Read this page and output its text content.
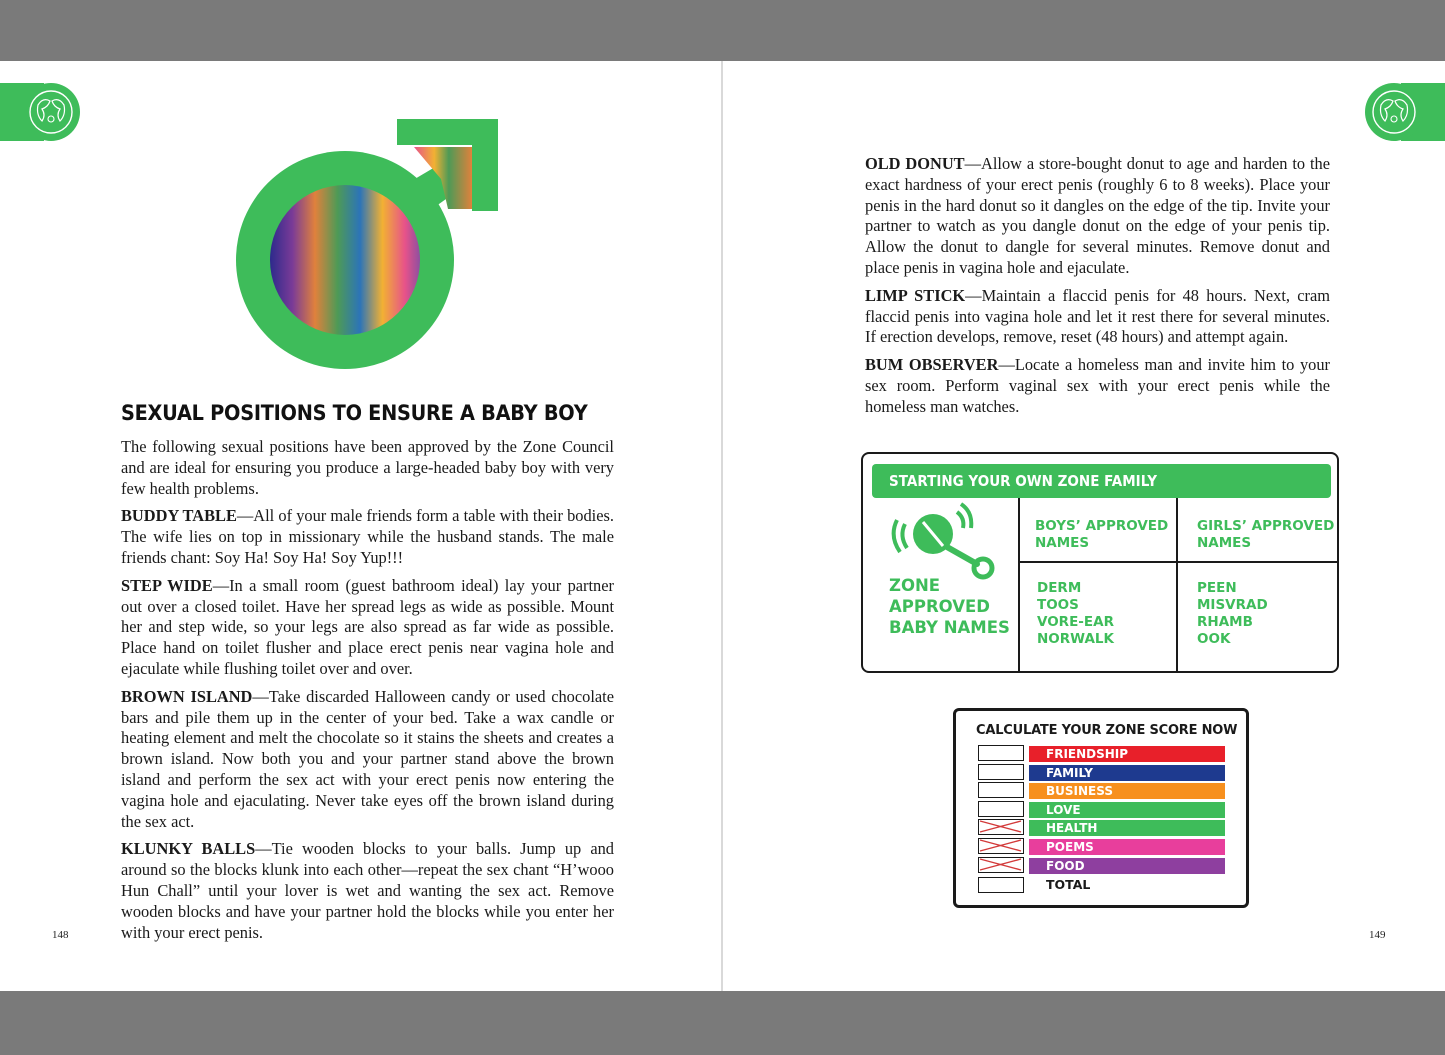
SEXUAL POSITIONS TO ENSURE A BABY BOY

The following sexual positions have been approved by the Zone Council and are ideal for ensuring you produce a large-headed baby boy with very few health problems.

BUDDY TABLE—All of your male friends form a table with their bodies. The wife lies on top in missionary while the husband stands. The male friends chant: Soy Ha! Soy Ha! Soy Yup!!!

STEP WIDE—In a small room (guest bathroom ideal) lay your partner out over a closed toilet. Have her spread legs as wide as possible. Mount her and step wide, so your legs are also spread as far wide as possible. Place hand on toilet flusher and place erect penis near vagina hole and ejaculate while flushing toilet over and over.

BROWN ISLAND—Take discarded Halloween candy or used chocolate bars and pile them up in the center of your bed. Take a wax candle or heating element and melt the chocolate so it stains the sheets and creates a brown island. Now both you and your partner stand above the brown island and perform the sex act with your erect penis now entering the vagina hole and ejaculating. Never take eyes off the brown island during the sex act.

KLUNKY BALLS—Tie wooden blocks to your balls. Jump up and around so the blocks klunk into each other—repeat the sex chant “H’wooo Hun Chall” until your lover is wet and wanting the sex act. Remove wooden blocks and have your partner hold the blocks while you enter her with your erect penis.

148

OLD DONUT—Allow a store-bought donut to age and harden to the exact hardness of your erect penis (roughly 6 to 8 weeks). Place your penis in the hard donut so it dangles on the edge of the tip. Invite your partner to watch as you dangle donut on the edge of your penis tip. Allow the donut to dangle for several minutes. Remove donut and place penis in vagina hole and ejaculate.

LIMP STICK—Maintain a flaccid penis for 48 hours. Next, cram flaccid penis into vagina hole and let it rest there for several minutes. If erection develops, remove, reset (48 hours) and attempt again.

BUM OBSERVER—Locate a homeless man and invite him to your sex room. Perform vaginal sex with your erect penis while the homeless man watches.

STARTING YOUR OWN ZONE FAMILY
ZONE
APPROVED
BABY NAMES
BOYS’ APPROVED
NAMES
GIRLS’ APPROVED
NAMES
DERM
TOOS
VORE-EAR
NORWALK
PEEN
MISVRAD
RHAMB
OOK
CALCULATE YOUR ZONE SCORE NOW
FRIENDSHIP
FAMILY
BUSINESS
LOVE
HEALTH
POEMS
FOOD
TOTAL
149
